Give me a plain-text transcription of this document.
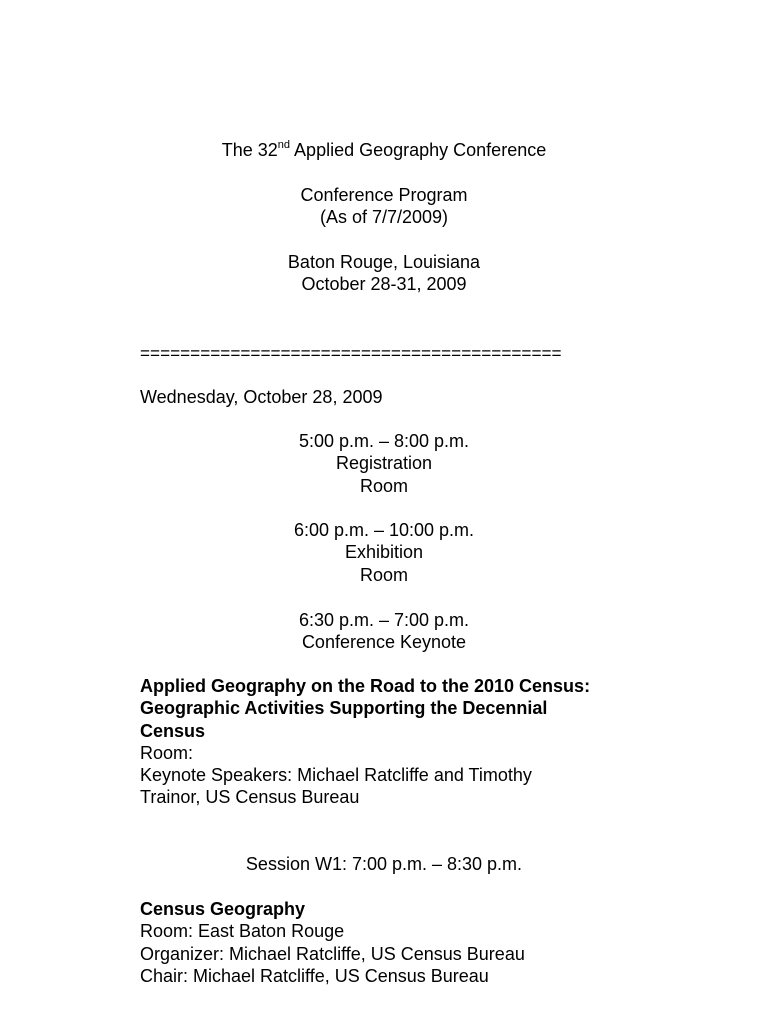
The 32nd Applied Geography Conference
Conference Program
(As of 7/7/2009)
Baton Rouge, Louisiana
October 28-31, 2009
==========================================
Wednesday, October 28, 2009
5:00 p.m. – 8:00 p.m.
Registration
Room
6:00 p.m. – 10:00 p.m.
Exhibition
Room
6:30 p.m. – 7:00 p.m.
Conference Keynote
Applied Geography on the Road to the 2010 Census:
Geographic Activities Supporting the Decennial
Census
Room:
Keynote Speakers: Michael Ratcliffe and Timothy
Trainor, US Census Bureau
Session W1: 7:00 p.m. – 8:30 p.m.
Census Geography
Room: East Baton Rouge
Organizer: Michael Ratcliffe, US Census Bureau
Chair: Michael Ratcliffe, US Census Bureau
